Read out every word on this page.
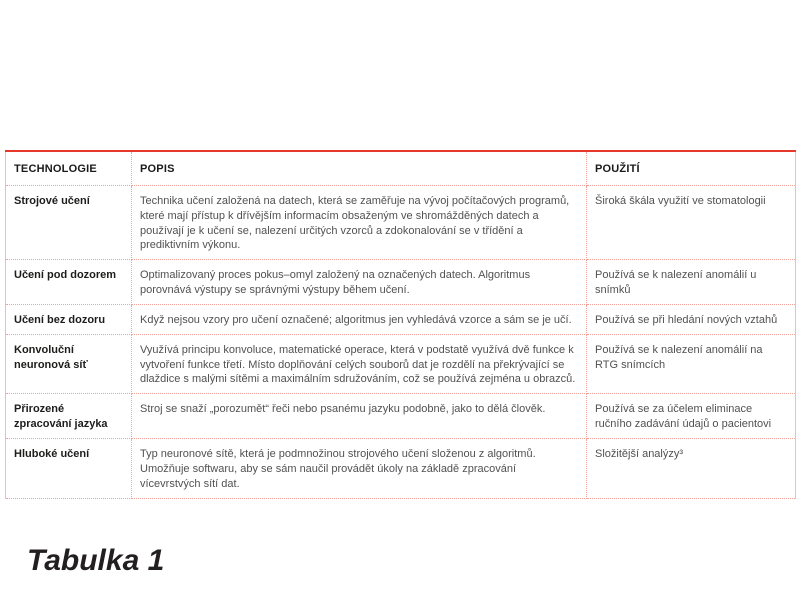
TECHNOLOGIE	POPIS	POUŽITÍ
Strojové učení	Technika učení založená na datech, která se zaměřuje na vývoj počítačových programů, které mají přístup k dřívějším informacím obsaženým ve shromážděných datech a používají je k učení se, nalezení určitých vzorců a zdokonalování se v třídění a prediktivním výkonu.	Široká škála využití ve stomatologii
Učení pod dozorem	Optimalizovaný proces pokus–omyl založený na označených datech. Algoritmus porovnává výstupy se správnými výstupy během učení.	Používá se k nalezení anomálií u snímků
Učení bez dozoru	Když nejsou vzory pro učení označené; algoritmus jen vyhledává vzorce a sám se je učí.	Používá se při hledání nových vztahů
Konvoluční neuronová síť	Využívá principu konvoluce, matematické operace, která v podstatě využívá dvě funkce k vytvoření funkce třetí. Místo doplňování celých souborů dat je rozdělí na překrývající se dlaždice s malými sítěmi a maximálním sdružováním, což se používá zejména u obrazců.	Používá se k nalezení anomálií na RTG snímcích
Přirozené zpracování jazyka	Stroj se snaží „porozumět“ řeči nebo psanému jazyku podobně, jako to dělá člověk.	Používá se za účelem eliminace ručního zadávání údajů o pacientovi
Hluboké učení	Typ neuronové sítě, která je podmnožinou strojového učení složenou z algoritmů. Umožňuje softwaru, aby se sám naučil provádět úkoly na základě zpracování vícevrstvých sítí dat.	Složitější analýzy³
Tabulka 1
